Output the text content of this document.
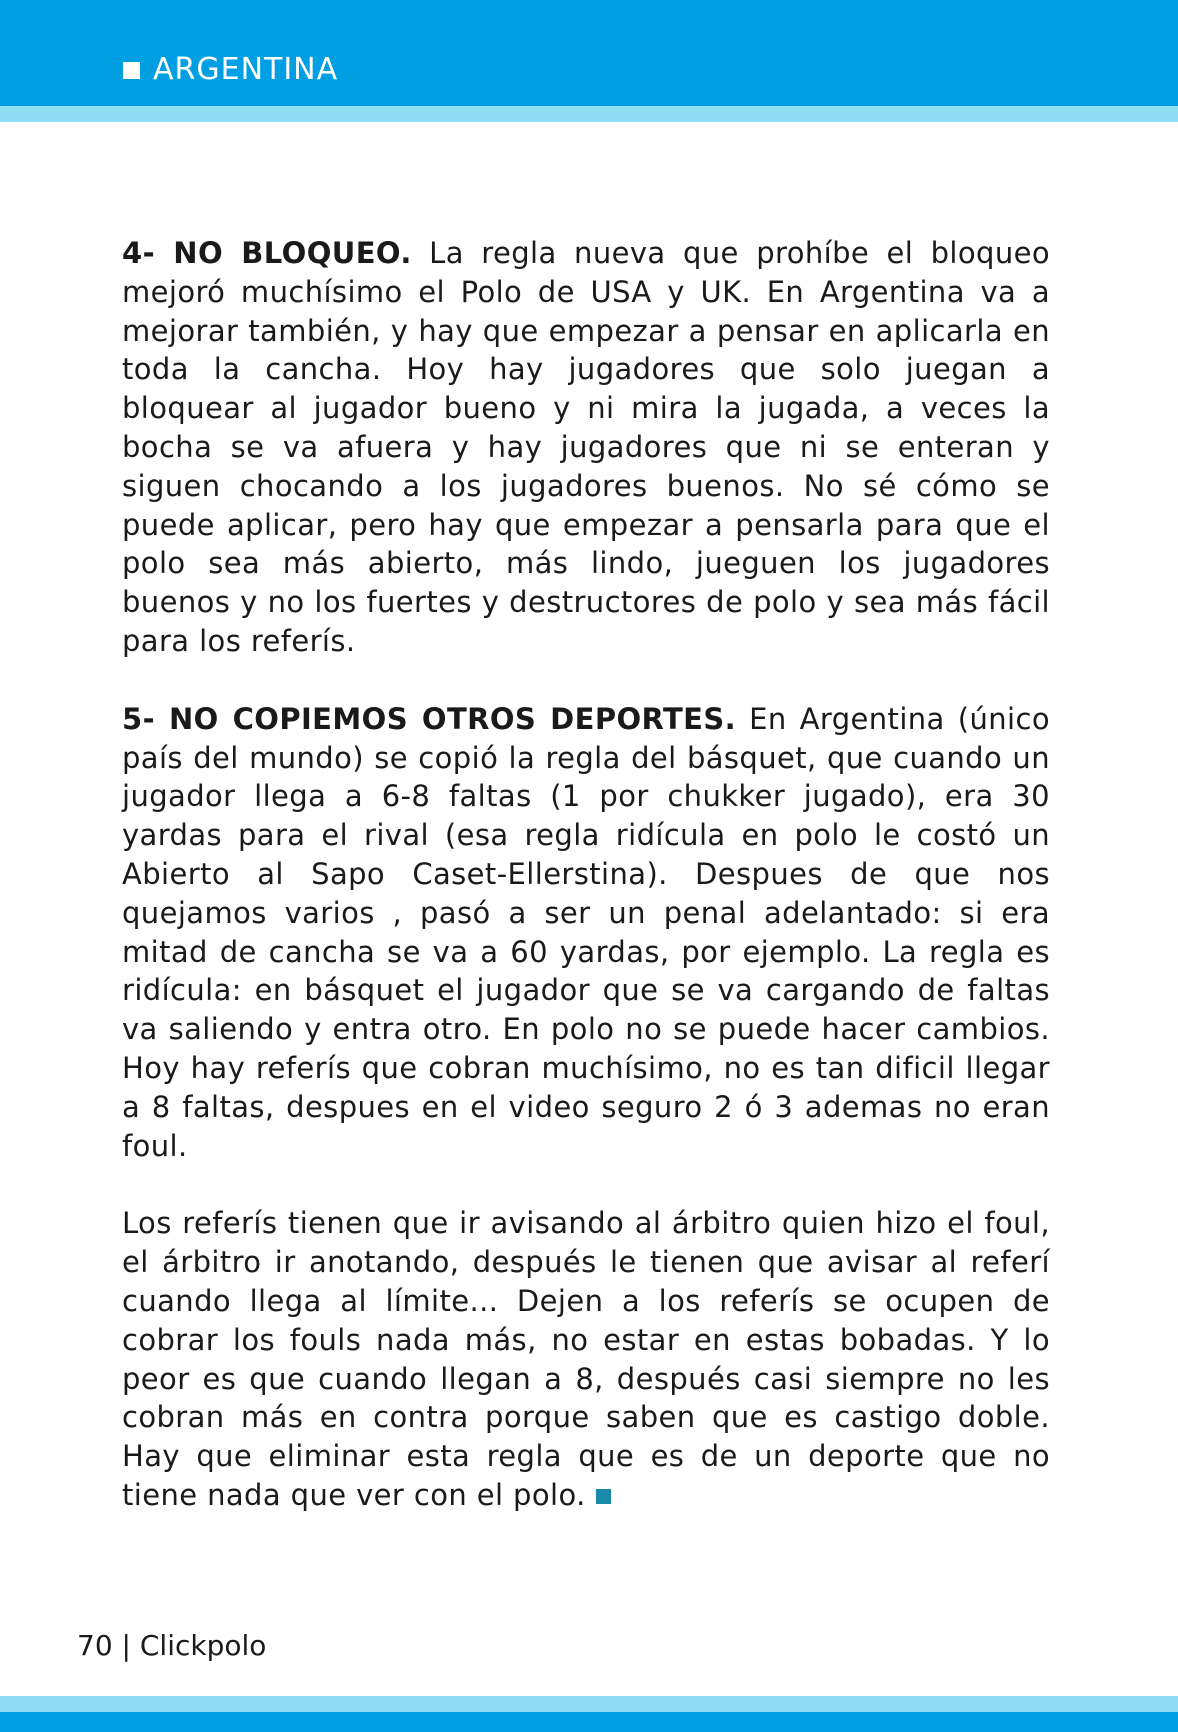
ARGENTINA

4- NO BLOQUEO. La regla nueva que prohíbe el bloqueo mejoró muchísimo el Polo de USA y UK. En Argentina va a mejorar también, y hay que empezar a pensar en aplicarla en toda la cancha. Hoy hay jugadores que solo juegan a bloquear al jugador bueno y ni mira la jugada, a veces la bocha se va afuera y hay jugadores que ni se enteran y siguen chocando a los jugadores buenos. No sé cómo se puede aplicar, pero hay que empezar a pensarla para que el polo sea más abierto, más lindo, jueguen los jugadores buenos y no los fuertes y destructores de polo y sea más fácil para los referís.

5- NO COPIEMOS OTROS DEPORTES. En Argentina (único país del mundo) se copió la regla del básquet, que cuando un jugador llega a 6-8 faltas (1 por chukker jugado), era 30 yardas para el rival (esa regla ridícula en polo le costó un Abierto al Sapo Caset-Ellerstina). Despues de que nos quejamos varios , pasó a ser un penal adelantado: si era mitad de cancha se va a 60 yardas, por ejemplo. La regla es ridícula: en básquet el jugador que se va cargando de faltas va saliendo y entra otro. En polo no se puede hacer cambios. Hoy hay referís que cobran muchísimo, no es tan dificil llegar a 8 faltas, despues en el video seguro 2 ó 3 ademas no eran foul.

Los referís tienen que ir avisando al árbitro quien hizo el foul, el árbitro ir anotando, después le tienen que avisar al referí cuando llega al límite... Dejen a los referís se ocupen de cobrar los fouls nada más, no estar en estas bobadas. Y lo peor es que cuando llegan a 8, después casi siempre no les cobran más en contra porque saben que es castigo doble. Hay que eliminar esta regla que es de un deporte que no tiene nada que ver con el polo.

70 | Clickpolo
